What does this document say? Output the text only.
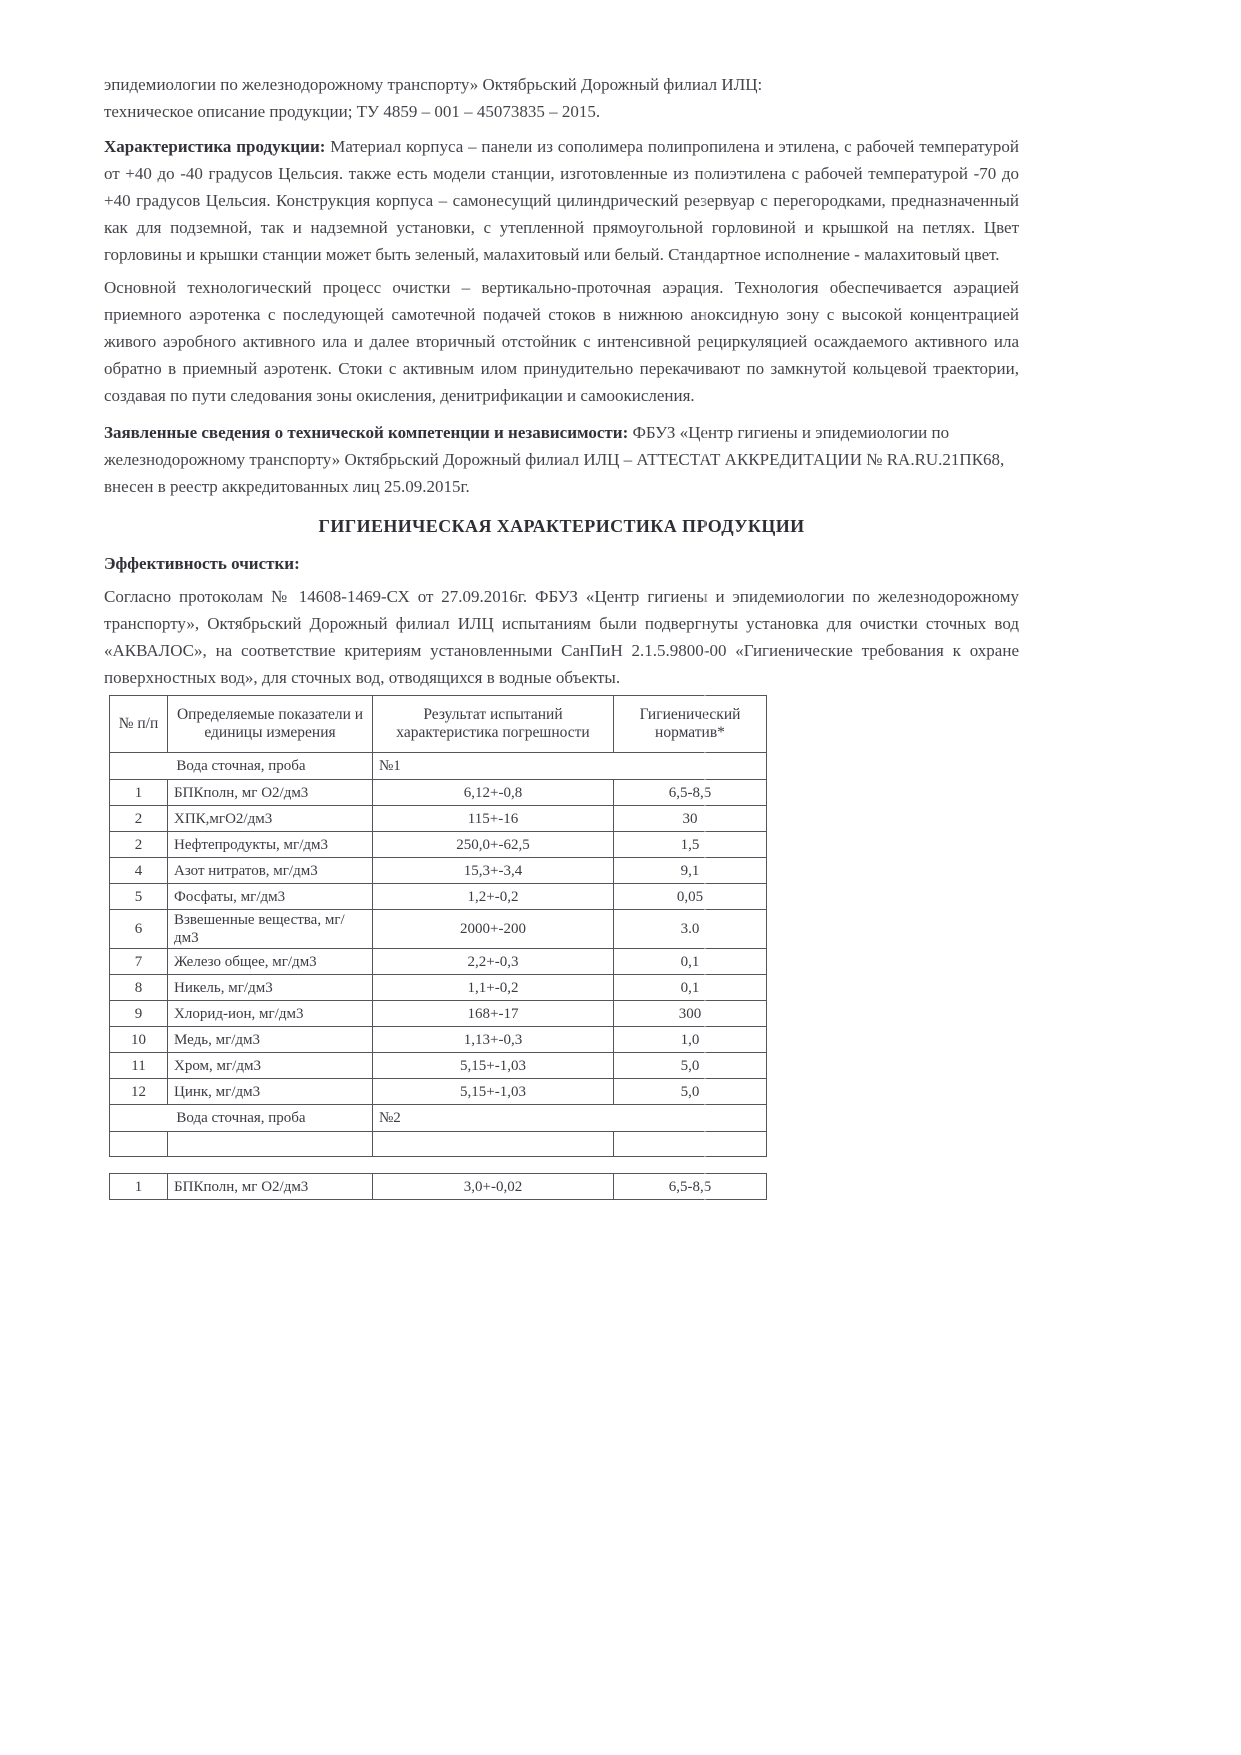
эпидемиологии по железнодорожному транспорту» Октябрьский Дорожный филиал ИЛЦ:
техническое описание продукции; ТУ 4859 – 001 – 45073835 – 2015.

Характеристика продукции: Материал корпуса – панели из сополимера полипропилена и этилена, с рабочей температурой от +40 до -40 градусов Цельсия. также есть модели станции, изготовленные из полиэтилена с рабочей температурой -70 до +40 градусов Цельсия. Конструкция корпуса – самонесущий цилиндрический резервуар с перегородками, предназначенный как для подземной, так и надземной установки, с утепленной прямоугольной горловиной и крышкой на петлях. Цвет горловины и крышки станции может быть зеленый, малахитовый или белый. Стандартное исполнение - малахитовый цвет.

Основной технологический процесс очистки – вертикально-проточная аэрация. Технология обеспечивается аэрацией приемного аэротенка с последующей самотечной подачей стоков в нижнюю аноксидную зону с высокой концентрацией живого аэробного активного ила и далее вторичный отстойник с интенсивной рециркуляцией осаждаемого активного ила обратно в приемный аэротенк. Стоки с активным илом принудительно перекачивают по замкнутой кольцевой траектории, создавая по пути следования зоны окисления, денитрификации и самоокисления.

Заявленные сведения о технической компетенции и независимости: ФБУЗ «Центр гигиены и эпидемиологии по железнодорожному транспорту» Октябрьский Дорожный филиал ИЛЦ – АТТЕСТАТ АККРЕДИТАЦИИ № RA.RU.21ПК68, внесен в реестр аккредитованных лиц 25.09.2015г.

ГИГИЕНИЧЕСКАЯ ХАРАКТЕРИСТИКА ПРОДУКЦИИ

Эффективность очистки:

Согласно протоколам № 14608-1469-СХ от 27.09.2016г. ФБУЗ «Центр гигиены и эпидемиологии по железнодорожному транспорту», Октябрьский Дорожный филиал ИЛЦ испытаниям были подвергнуты установка для очистки сточных вод «АКВАЛОС», на соответствие критериям установленными СанПиН 2.1.5.9800-00 «Гигиенические требования к охране поверхностных вод», для сточных вод, отводящихся в водные объекты.

№ п/п	Определяемые показатели и единицы измерения	Результат испытаний характеристика погрешности	Гигиенический норматив*
Вода сточная, проба		№1	
1	БПКполн, мг О2/дм3	6,12+-0,8	6,5-8,5
2	ХПК,мгО2/дм3	115+-16	30
2	Нефтепродукты, мг/дм3	250,0+-62,5	1,5
4	Азот нитратов, мг/дм3	15,3+-3,4	9,1
5	Фосфаты, мг/дм3	1,2+-0,2	0,05
6	Взвешенные вещества, мг/дм3	2000+-200	3.0
7	Железо общее, мг/дм3	2,2+-0,3	0,1
8	Никель, мг/дм3	1,1+-0,2	0,1
9	Хлорид-ион, мг/дм3	168+-17	300
10	Медь, мг/дм3	1,13+-0,3	1,0
11	Хром, мг/дм3	5,15+-1,03	5,0
12	Цинк, мг/дм3	5,15+-1,03	5,0
Вода сточная, проба		№2	

1	БПКполн, мг О2/дм3	3,0+-0,02	6,5-8,5
